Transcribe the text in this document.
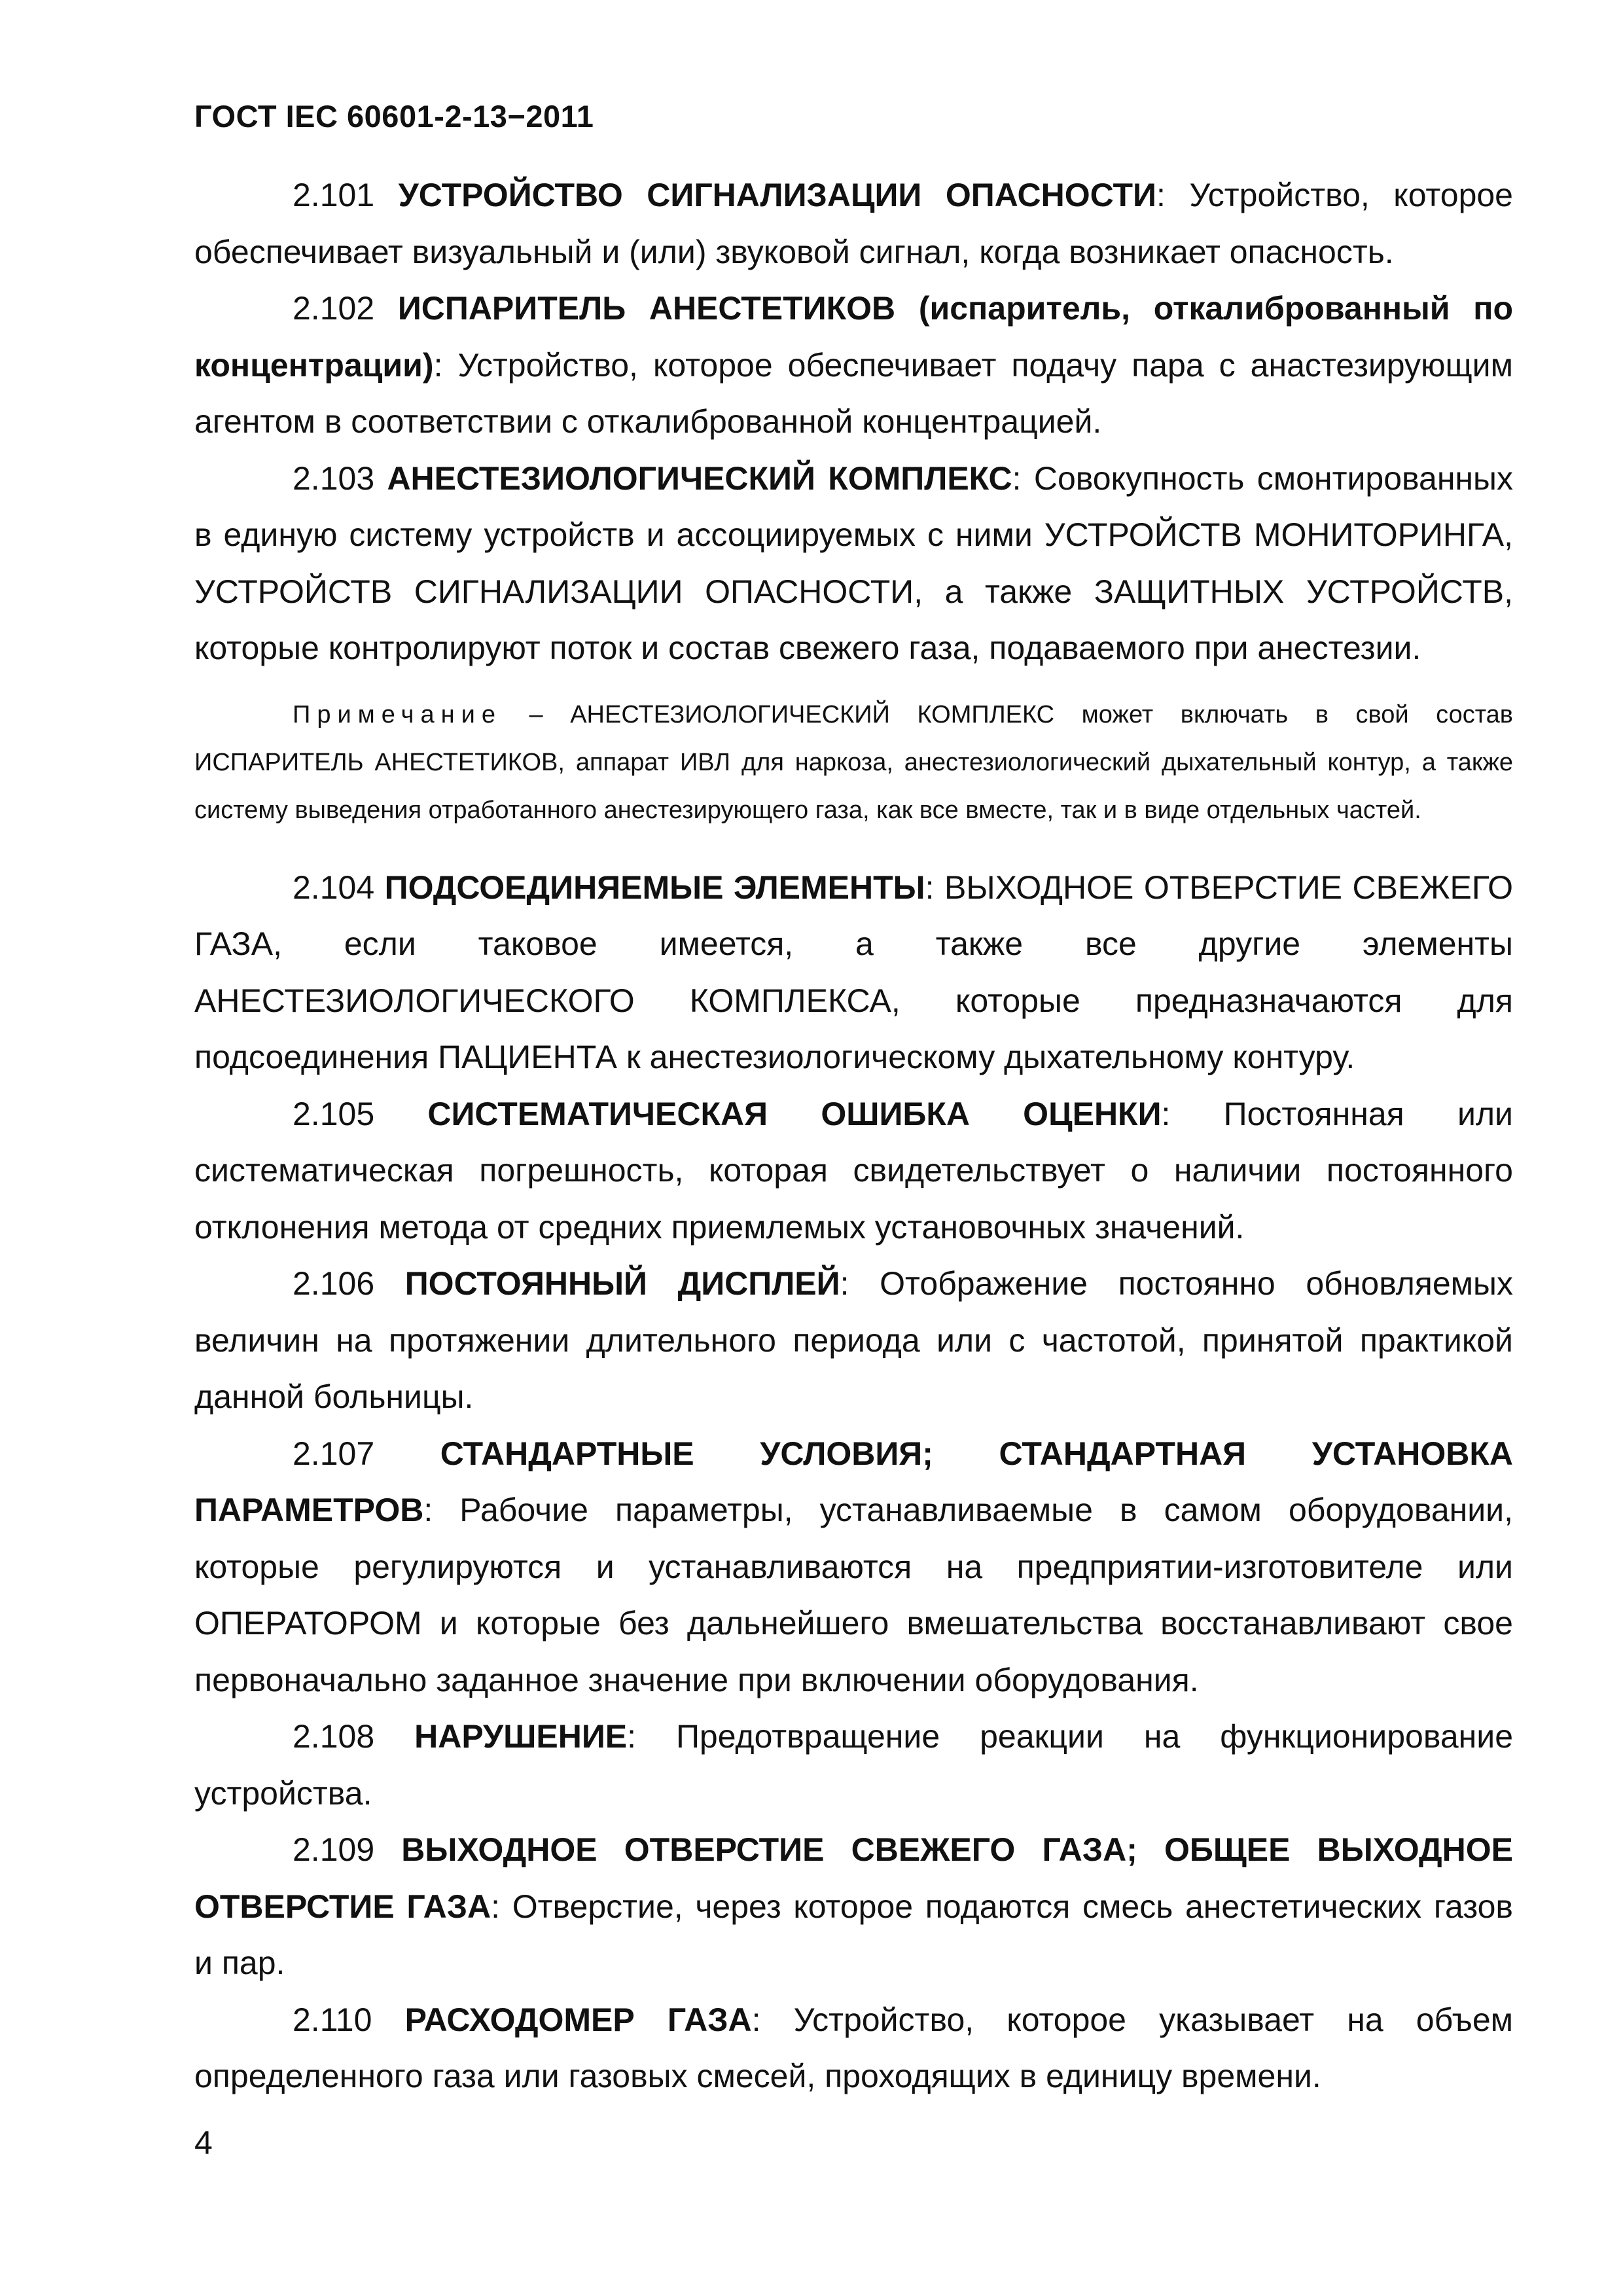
ГОСТ IEC 60601-2-13−2011

2.101 УСТРОЙСТВО СИГНАЛИЗАЦИИ ОПАСНОСТИ: Устройство, которое обеспечивает визуальный и (или) звуковой сигнал, когда возникает опасность.

2.102 ИСПАРИТЕЛЬ АНЕСТЕТИКОВ (испаритель, откалиброванный по концентрации): Устройство, которое обеспечивает подачу пара с анастезирующим агентом в соответствии с откалиброванной концентрацией.

2.103 АНЕСТЕЗИОЛОГИЧЕСКИЙ КОМПЛЕКС: Совокупность смонтированных в единую систему устройств и ассоциируемых с ними УСТРОЙСТВ МОНИТОРИНГА, УСТРОЙСТВ СИГНАЛИЗАЦИИ ОПАСНОСТИ, а также ЗАЩИТНЫХ УСТРОЙСТВ, которые контролируют поток и состав свежего газа, подаваемого при анестезии.

Примечание – АНЕСТЕЗИОЛОГИЧЕСКИЙ КОМПЛЕКС может включать в свой состав ИСПАРИТЕЛЬ АНЕСТЕТИКОВ, аппарат ИВЛ для наркоза, анестезиологический дыхательный контур, а также систему выведения отработанного анестезирующего газа, как все вместе, так и в виде отдельных частей.

2.104 ПОДСОЕДИНЯЕМЫЕ ЭЛЕМЕНТЫ: ВЫХОДНОЕ ОТВЕРСТИЕ СВЕЖЕГО ГАЗА, если таковое имеется, а также все другие элементы АНЕСТЕЗИОЛОГИЧЕСКОГО КОМПЛЕКСА, которые предназначаются для подсоединения ПАЦИЕНТА к анестезиологическому дыхательному контуру.

2.105 СИСТЕМАТИЧЕСКАЯ ОШИБКА ОЦЕНКИ: Постоянная или систематическая погрешность, которая свидетельствует о наличии постоянного отклонения метода от средних приемлемых установочных значений.

2.106 ПОСТОЯННЫЙ ДИСПЛЕЙ: Отображение постоянно обновляемых величин на протяжении длительного периода или с частотой, принятой практикой данной больницы.

2.107 СТАНДАРТНЫЕ УСЛОВИЯ; СТАНДАРТНАЯ УСТАНОВКА ПАРАМЕТРОВ: Рабочие параметры, устанавливаемые в самом оборудовании, которые регулируются и устанавливаются на предприятии-изготовителе или ОПЕРАТОРОМ и которые без дальнейшего вмешательства восстанавливают свое первоначально заданное значение при включении оборудования.

2.108 НАРУШЕНИЕ: Предотвращение реакции на функционирование устройства.

2.109 ВЫХОДНОЕ ОТВЕРСТИЕ СВЕЖЕГО ГАЗА; ОБЩЕЕ ВЫХОДНОЕ ОТВЕРСТИЕ ГАЗА: Отверстие, через которое подаются смесь анестетических газов и пар.

2.110 РАСХОДОМЕР ГАЗА: Устройство, которое указывает на объем определенного газа или газовых смесей, проходящих в единицу времени.

4
